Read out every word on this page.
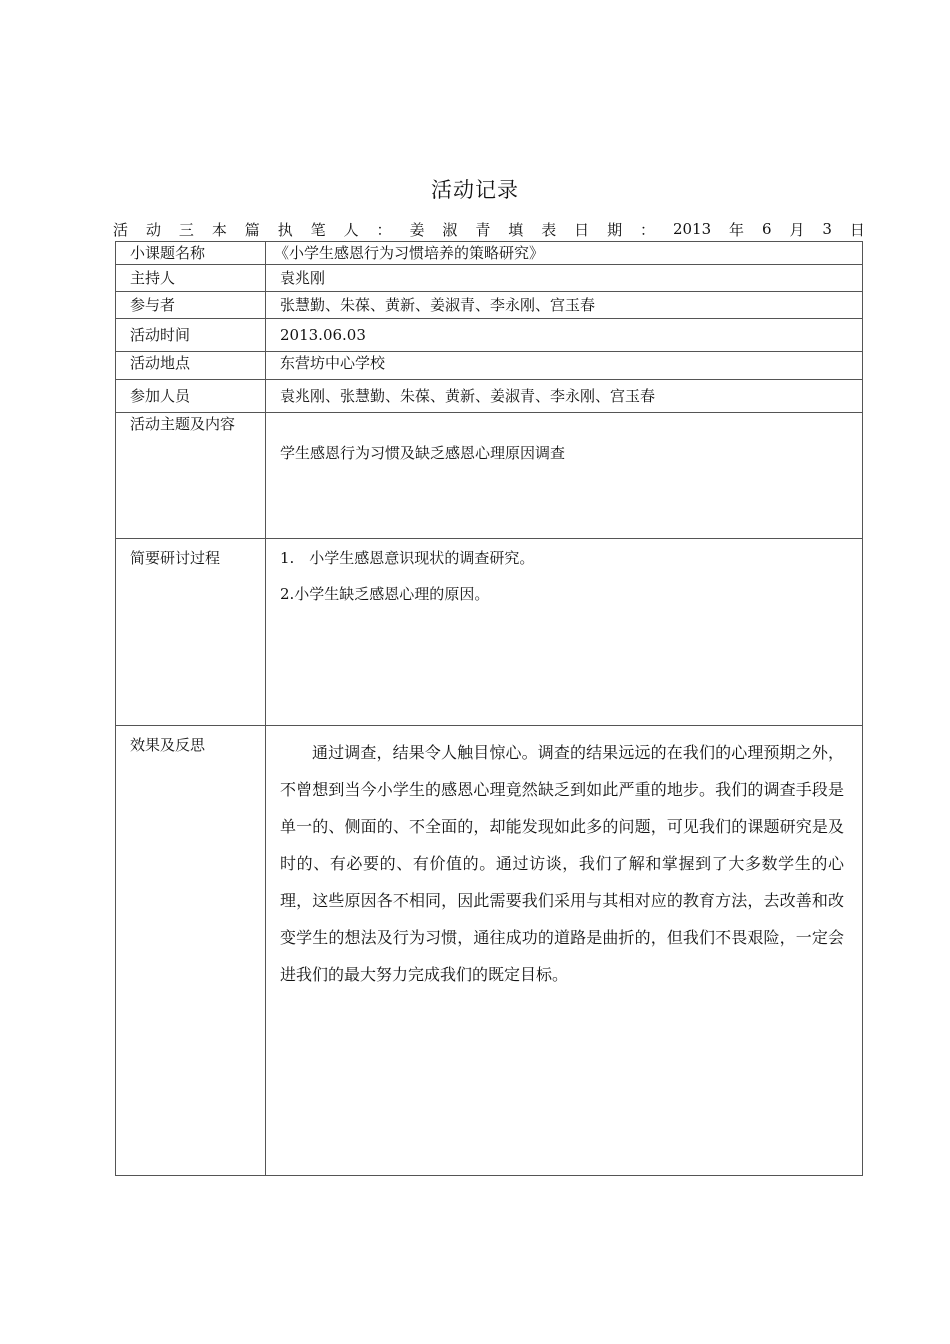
活动记录
活 动 三 本 篇 执 笔 人 ： 姜 淑 青 填 表 日 期 ： 2013 年 6 月 3 日
小课题名称	《小学生感恩行为习惯培养的策略研究》
主持人	袁兆刚
参与者	张慧勤、朱葆、黄新、姜淑青、李永刚、宫玉春
活动时间	2013.06.03
活动地点	东营坊中心学校
参加人员	袁兆刚、张慧勤、朱葆、黄新、姜淑青、李永刚、宫玉春
活动主题及内容	学生感恩行为习惯及缺乏感恩心理原因调查

简要研讨过程	1.　小学生感恩意识现状的调查研究。

2.小学生缺乏感恩心理的原因。

效果及反思	通过调查，结果令人触目惊心。调查的结果远远的在我们的心理预期之外，不曾想到当今小学生的感恩心理竟然缺乏到如此严重的地步。我们的调查手段是单一的、侧面的、不全面的，却能发现如此多的问题，可见我们的课题研究是及时的、有必要的、有价值的。通过访谈，我们了解和掌握到了大多数学生的心理，这些原因各不相同，因此需要我们采用与其相对应的教育方法，去改善和改变学生的想法及行为习惯，通往成功的道路是曲折的，但我们不畏艰险，一定会进我们的最大努力完成我们的既定目标。
